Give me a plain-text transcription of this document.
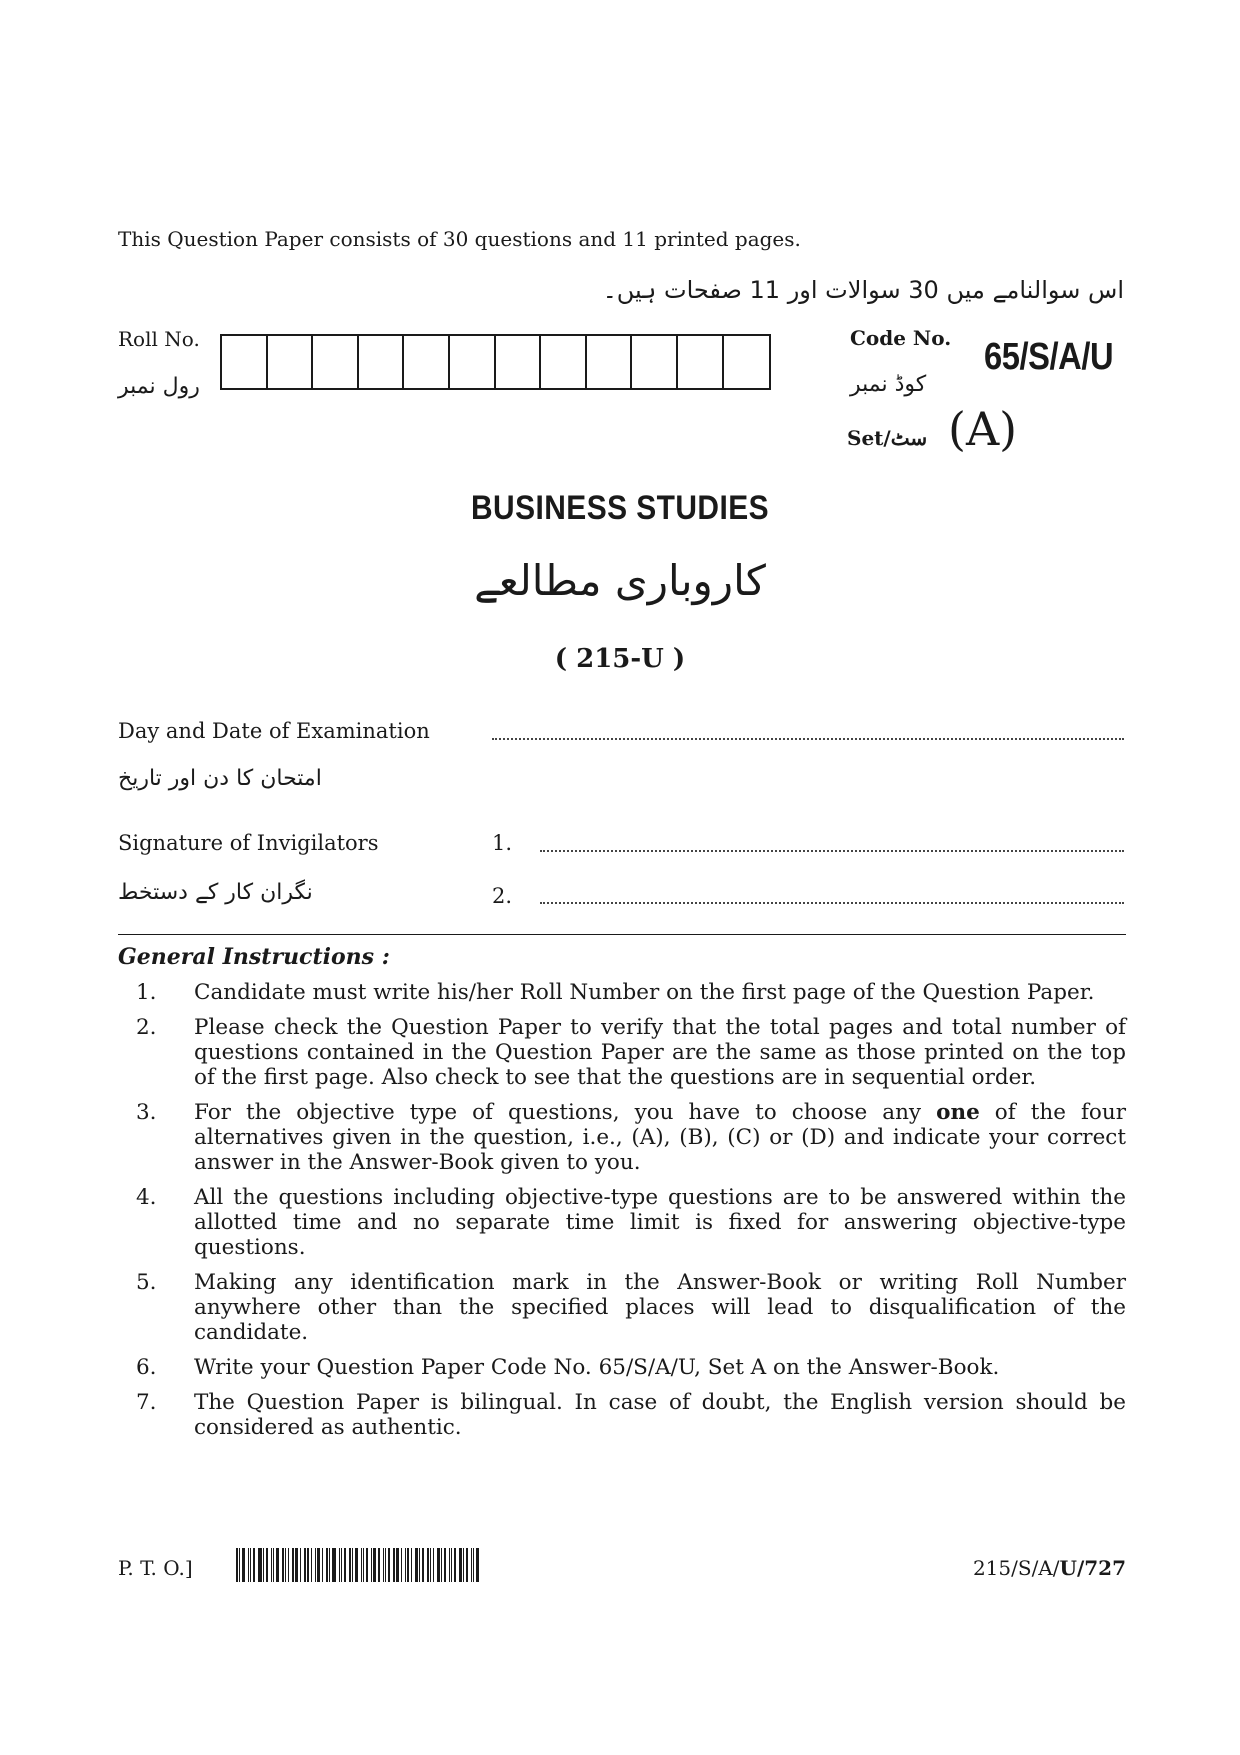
This Question Paper consists of 30 questions and 11 printed pages.
اس سوالنامے میں 30 سوالات اور 11 صفحات ہیں۔
Roll No.
رول نمبر
Code No. 65/S/A/U
کوڈ نمبر
Set/سٹ (A)
BUSINESS STUDIES
کاروباری مطالعے
( 215-U )
Day and Date of Examination
امتحان کا دن اور تاریخ
Signature of Invigilators	1.
نگران کار کے دستخط	2.
General Instructions :
1.	Candidate must write his/her Roll Number on the first page of the Question Paper.
2.	Please check the Question Paper to verify that the total pages and total number of questions contained in the Question Paper are the same as those printed on the top of the first page. Also check to see that the questions are in sequential order.
3.	For the objective type of questions, you have to choose any one of the four alternatives given in the question, i.e., (A), (B), (C) or (D) and indicate your correct answer in the Answer-Book given to you.
4.	All the questions including objective-type questions are to be answered within the allotted time and no separate time limit is fixed for answering objective-type questions.
5.	Making any identification mark in the Answer-Book or writing Roll Number anywhere other than the specified places will lead to disqualification of the candidate.
6.	Write your Question Paper Code No. 65/S/A/U, Set A on the Answer-Book.
7.	The Question Paper is bilingual. In case of doubt, the English version should be considered as authentic.
P. T. O.]	215/S/A/U/727
